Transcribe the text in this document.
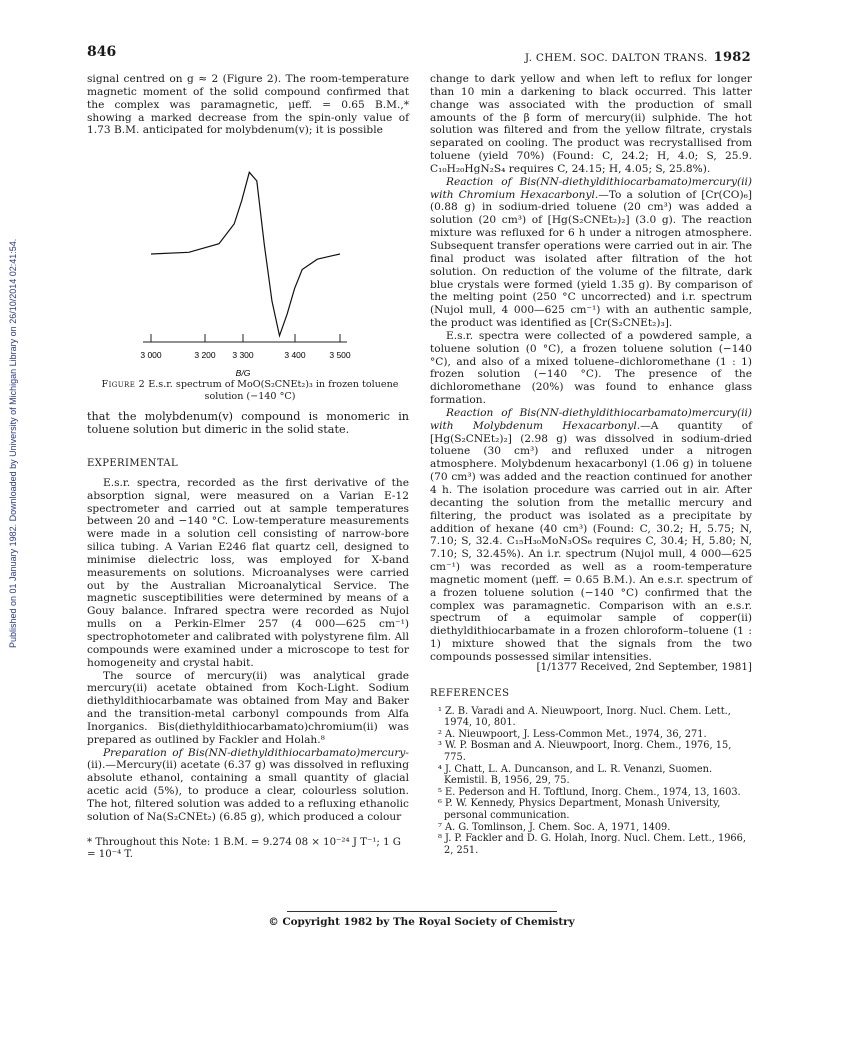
Published on 01 January 1982. Downloaded by University of Michigan Library on 26/10/2014 02:41:54.
846	J. CHEM. SOC. DALTON TRANS. 1982

signal centred on g ≈ 2 (Figure 2). The room-temperature magnetic moment of the solid compound confirmed that the complex was paramagnetic, μeff. = 0.65 B.M.,* showing a marked decrease from the spin-only value of 1.73 B.M. anticipated for molybdenum(v); it is possible

3 000	3 200 3 300	3 400	3 500
B/G
Figure 2 E.s.r. spectrum of MoO(S₂CNEt₂)₃ in frozen toluene solution (−140 °C)

that the molybdenum(v) compound is monomeric in toluene solution but dimeric in the solid state.

EXPERIMENTAL

E.s.r. spectra, recorded as the first derivative of the absorption signal, were measured on a Varian E-12 spectrometer and carried out at sample temperatures between 20 and −140 °C. Low-temperature measurements were made in a solution cell consisting of narrow-bore silica tubing. A Varian E246 flat quartz cell, designed to minimise dielectric loss, was employed for X-band measurements on solutions. Microanalyses were carried out by the Australian Microanalytical Service. The magnetic susceptibilities were determined by means of a Gouy balance. Infrared spectra were recorded as Nujol mulls on a Perkin-Elmer 257 (4 000—625 cm⁻¹) spectrophotometer and calibrated with polystyrene film. All compounds were examined under a microscope to test for homogeneity and crystal habit.

The source of mercury(ii) was analytical grade mercury(ii) acetate obtained from Koch-Light. Sodium diethyldithiocarbamate was obtained from May and Baker and the transition-metal carbonyl compounds from Alfa Inorganics. Bis(diethyldithiocarbamato)chromium(ii) was prepared as outlined by Fackler and Holah.⁸

Preparation of Bis(NN-diethyldithiocarbamato)mercury-(ii).—Mercury(ii) acetate (6.37 g) was dissolved in refluxing absolute ethanol, containing a small quantity of glacial acetic acid (5%), to produce a clear, colourless solution. The hot, filtered solution was added to a refluxing ethanolic solution of Na(S₂CNEt₂) (6.85 g), which produced a colour

* Throughout this Note: 1 B.M. = 9.274 08 × 10⁻²⁴ J T⁻¹; 1 G = 10⁻⁴ T.

change to dark yellow and when left to reflux for longer than 10 min a darkening to black occurred. This latter change was associated with the production of small amounts of the β form of mercury(ii) sulphide. The hot solution was filtered and from the yellow filtrate, crystals separated on cooling. The product was recrystallised from toluene (yield 70%) (Found: C, 24.2; H, 4.0; S, 25.9. C₁₀H₂₀HgN₂S₄ requires C, 24.15; H, 4.05; S, 25.8%).

Reaction of Bis(NN-diethyldithiocarbamato)mercury(ii) with Chromium Hexacarbonyl.—To a solution of [Cr(CO)₆] (0.88 g) in sodium-dried toluene (20 cm³) was added a solution (20 cm³) of [Hg(S₂CNEt₂)₂] (3.0 g). The reaction mixture was refluxed for 6 h under a nitrogen atmosphere. Subsequent transfer operations were carried out in air. The final product was isolated after filtration of the hot solution. On reduction of the volume of the filtrate, dark blue crystals were formed (yield 1.35 g). By comparison of the melting point (250 °C uncorrected) and i.r. spectrum (Nujol mull, 4 000—625 cm⁻¹) with an authentic sample, the product was identified as [Cr(S₂CNEt₂)₃].

E.s.r. spectra were collected of a powdered sample, a toluene solution (0 °C), a frozen toluene solution (−140 °C), and also of a mixed toluene–dichloromethane (1 : 1) frozen solution (−140 °C). The presence of the dichloromethane (20%) was found to enhance glass formation.

Reaction of Bis(NN-diethyldithiocarbamato)mercury(ii) with Molybdenum Hexacarbonyl.—A quantity of [Hg(S₂CNEt₂)₂] (2.98 g) was dissolved in sodium-dried toluene (30 cm³) and refluxed under a nitrogen atmosphere. Molybdenum hexacarbonyl (1.06 g) in toluene (70 cm³) was added and the reaction continued for another 4 h. The isolation procedure was carried out in air. After decanting the solution from the metallic mercury and filtering, the product was isolated as a precipitate by addition of hexane (40 cm³) (Found: C, 30.2; H, 5.75; N, 7.10; S, 32.4. C₁₅H₃₀MoN₃OS₆ requires C, 30.4; H, 5.80; N, 7.10; S, 32.45%). An i.r. spectrum (Nujol mull, 4 000—625 cm⁻¹) was recorded as well as a room-temperature magnetic moment (μeff. = 0.65 B.M.). An e.s.r. spectrum of a frozen toluene solution (−140 °C) confirmed that the complex was paramagnetic. Comparison with an e.s.r. spectrum of a equimolar sample of copper(ii) diethyldithiocarbamate in a frozen chloroform–toluene (1 : 1) mixture showed that the signals from the two compounds possessed similar intensities.

[1/1377 Received, 2nd September, 1981]
REFERENCES
¹ Z. B. Varadi and A. Nieuwpoort, Inorg. Nucl. Chem. Lett., 1974, 10, 801.
² A. Nieuwpoort, J. Less-Common Met., 1974, 36, 271.
³ W. P. Bosman and A. Nieuwpoort, Inorg. Chem., 1976, 15, 775.
⁴ J. Chatt, L. A. Duncanson, and L. R. Venanzi, Suomen. Kemistil. B, 1956, 29, 75.
⁵ E. Pederson and H. Toftlund, Inorg. Chem., 1974, 13, 1603.
⁶ P. W. Kennedy, Physics Department, Monash University, personal communication.
⁷ A. G. Tomlinson, J. Chem. Soc. A, 1971, 1409.
⁸ J. P. Fackler and D. G. Holah, Inorg. Nucl. Chem. Lett., 1966, 2, 251.
© Copyright 1982 by The Royal Society of Chemistry
